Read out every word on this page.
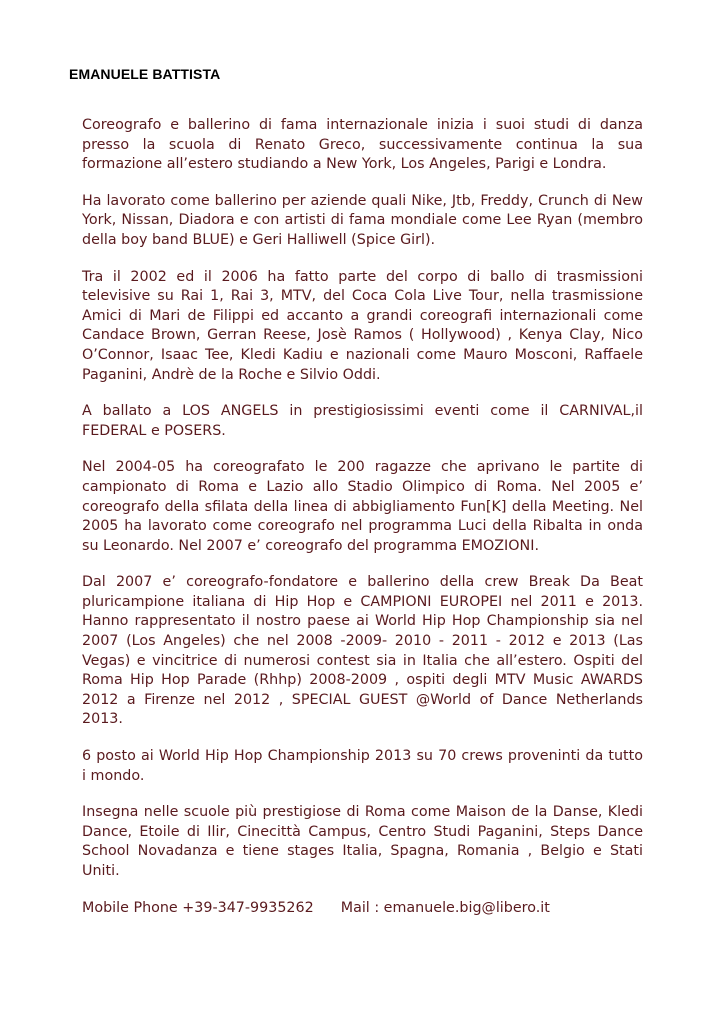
EMANUELE BATTISTA

Coreografo e ballerino di fama internazionale inizia i suoi studi di danza presso la scuola di Renato Greco, successivamente continua la sua formazione all’estero studiando a New York, Los Angeles, Parigi e Londra.

Ha lavorato come ballerino per aziende quali Nike, Jtb, Freddy, Crunch di New York, Nissan, Diadora e con artisti di fama mondiale come Lee Ryan (membro della boy band BLUE) e Geri Halliwell (Spice Girl).

Tra il 2002 ed il 2006 ha fatto parte del corpo di ballo di trasmissioni televisive su Rai 1, Rai 3, MTV, del Coca Cola Live Tour, nella trasmissione Amici di Mari de Filippi ed accanto a grandi coreografi internazionali come Candace Brown, Gerran Reese, Josè Ramos ( Hollywood) , Kenya Clay, Nico O’Connor, Isaac Tee, Kledi Kadiu e nazionali come Mauro Mosconi, Raffaele Paganini, Andrè de la Roche e Silvio Oddi.

A ballato a LOS ANGELS in prestigiosissimi eventi come il CARNIVAL,il FEDERAL e POSERS.

Nel 2004-05 ha coreografato le 200 ragazze che aprivano le partite di campionato di Roma e Lazio allo Stadio Olimpico di Roma. Nel 2005 e’ coreografo della sfilata della linea di abbigliamento Fun[K] della Meeting. Nel 2005 ha lavorato come coreografo nel programma Luci della Ribalta in onda su Leonardo. Nel 2007 e’ coreografo del programma EMOZIONI.

Dal 2007 e’ coreografo-fondatore e ballerino della crew Break Da Beat pluricampione italiana di Hip Hop e CAMPIONI EUROPEI nel 2011 e 2013. Hanno rappresentato il nostro paese ai World Hip Hop Championship sia nel 2007 (Los Angeles) che nel 2008 -2009- 2010 - 2011 - 2012 e 2013 (Las Vegas) e vincitrice di numerosi contest sia in Italia che all’estero. Ospiti del Roma Hip Hop Parade (Rhhp) 2008-2009 , ospiti degli MTV Music AWARDS 2012 a Firenze nel 2012 , SPECIAL GUEST @World of Dance Netherlands 2013.

6 posto ai World Hip Hop Championship 2013 su 70 crews proveninti da tutto i mondo.

Insegna nelle scuole più prestigiose di Roma come Maison de la Danse, Kledi Dance, Etoile di Ilir, Cinecittà Campus, Centro Studi Paganini, Steps Dance School Novadanza e tiene stages Italia, Spagna, Romania , Belgio e Stati Uniti.

Mobile Phone +39-347-9935262 Mail : emanuele.big@libero.it
